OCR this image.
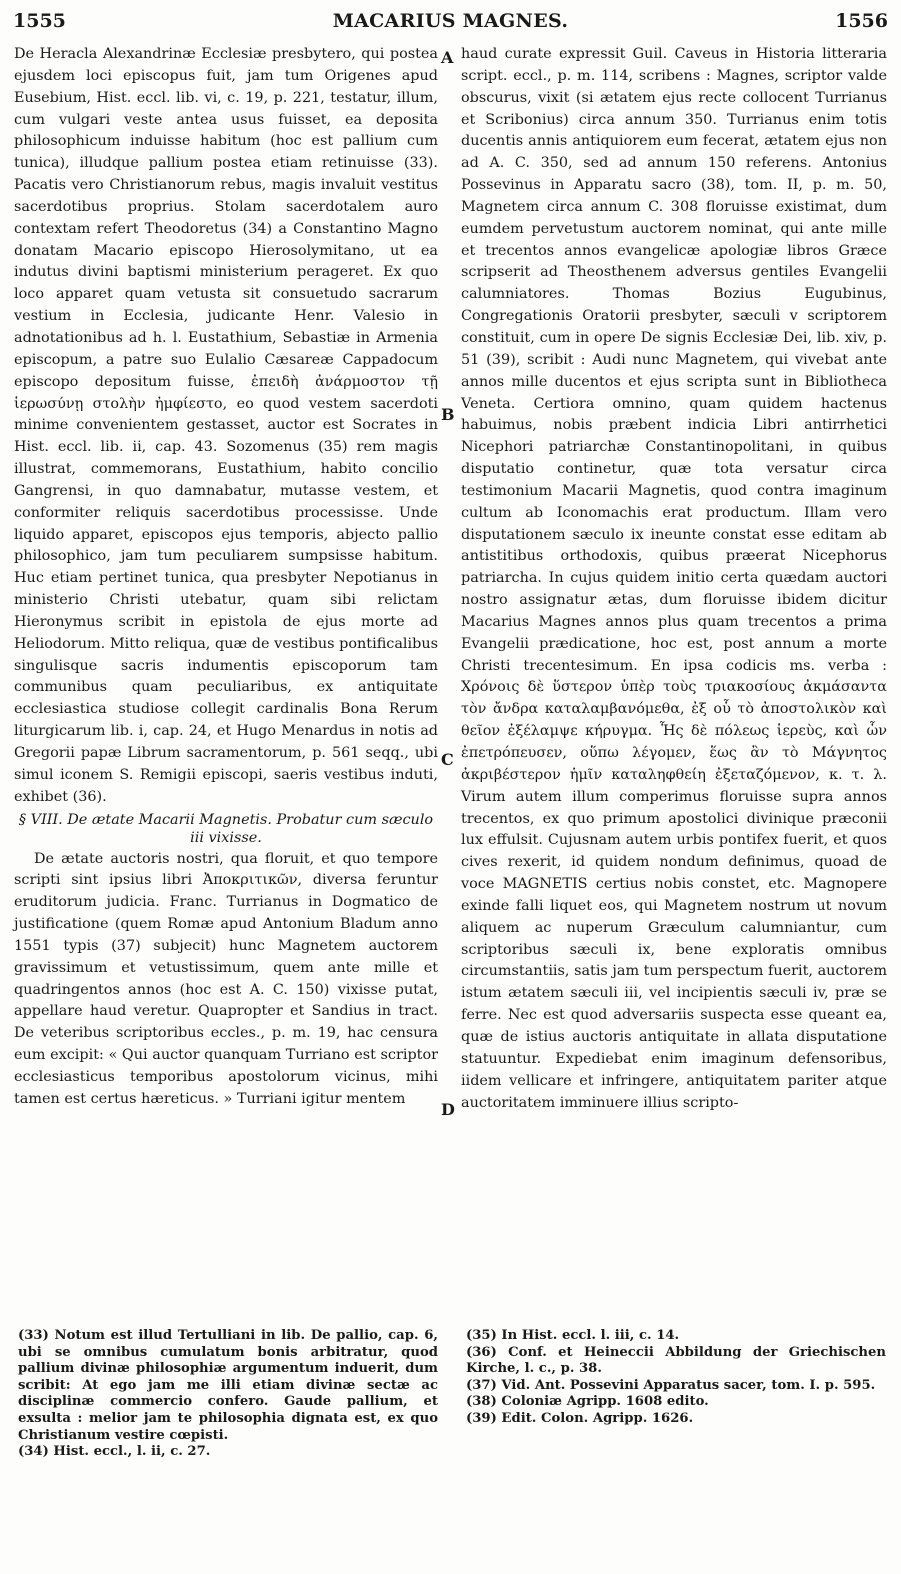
1555	MACARIUS MAGNES.	1556

De Heracla Alexandrinæ Ecclesiæ presbytero, qui postea ejusdem loci episcopus fuit, jam tum Origenes apud Eusebium, Hist. eccl. lib. vi, c. 19, p. 221, testatur, illum, cum vulgari veste antea usus fuisset, ea deposita philosophicum induisse habitum (hoc est pallium cum tunica), illudque pallium postea etiam retinuisse (33). Pacatis vero Christianorum rebus, magis invaluit vestitus sacerdotibus proprius. Stolam sacerdotalem auro contextam refert Theodoretus (34) a Constantino Magno donatam Macario episcopo Hierosolymitano, ut ea indutus divini baptismi ministerium perageret. Ex quo loco apparet quam vetusta sit consuetudo sacrarum vestium in Ecclesia, judicante Henr. Valesio in adnotationibus ad h. l. Eustathium, Sebastiæ in Armenia episcopum, a patre suo Eulalio Cæsareæ Cappadocum episcopo depositum fuisse, ἐπειδὴ ἀνάρμοστον τῇ ἱερωσύνῃ στολὴν ἠμφίεστο, eo quod vestem sacerdoti minime convenientem gestasset, auctor est Socrates in Hist. eccl. lib. ii, cap. 43. Sozomenus (35) rem magis illustrat, commemorans, Eustathium, habito concilio Gangrensi, in quo damnabatur, mutasse vestem, et conformiter reliquis sacerdotibus processisse. Unde liquido apparet, episcopos ejus temporis, abjecto pallio philosophico, jam tum peculiarem sumpsisse habitum. Huc etiam pertinet tunica, qua presbyter Nepotianus in ministerio Christi utebatur, quam sibi relictam Hieronymus scribit in epistola de ejus morte ad Heliodorum. Mitto reliqua, quæ de vestibus pontificalibus singulisque sacris indumentis episcoporum tam communibus quam peculiaribus, ex antiquitate ecclesiastica studiose collegit cardinalis Bona Rerum liturgicarum lib. i, cap. 24, et Hugo Menardus in notis ad Gregorii papæ Librum sacramentorum, p. 561 seqq., ubi simul iconem S. Remigii episcopi, saeris vestibus induti, exhibet (36).

§ VIII. De ætate Macarii Magnetis. Probatur cum sæculo iii vixisse.

De ætate auctoris nostri, qua floruit, et quo tempore scripti sint ipsius libri Ἀποκριτικῶν, diversa feruntur eruditorum judicia. Franc. Turrianus in Dogmatico de justificatione (quem Romæ apud Antonium Bladum anno 1551 typis (37) subjecit) hunc Magnetem auctorem gravissimum et vetustissimum, quem ante mille et quadringentos annos (hoc est A. C. 150) vixisse putat, appellare haud veretur. Quapropter et Sandius in tract. De veteribus scriptoribus eccles., p. m. 19, hac censura eum excipit: « Qui auctor quanquam Turriano est scriptor ecclesiasticus temporibus apostolorum vicinus, mihi tamen est certus hæreticus. » Turriani igitur mentem

A
B
C
D

haud curate expressit Guil. Caveus in Historia litteraria script. eccl., p. m. 114, scribens : Magnes, scriptor valde obscurus, vixit (si ætatem ejus recte collocent Turrianus et Scribonius) circa annum 350. Turrianus enim totis ducentis annis antiquiorem eum fecerat, ætatem ejus non ad A. C. 350, sed ad annum 150 referens. Antonius Possevinus in Apparatu sacro (38), tom. II, p. m. 50, Magnetem circa annum C. 308 floruisse existimat, dum eumdem pervetustum auctorem nominat, qui ante mille et trecentos annos evangelicæ apologiæ libros Græce scripserit ad Theosthenem adversus gentiles Evangelii calumniatores. Thomas Bozius Eugubinus, Congregationis Oratorii presbyter, sæculi v scriptorem constituit, cum in opere De signis Ecclesiæ Dei, lib. xiv, p. 51 (39), scribit : Audi nunc Magnetem, qui vivebat ante annos mille ducentos et ejus scripta sunt in Bibliotheca Veneta. Certiora omnino, quam quidem hactenus habuimus, nobis præbent indicia Libri antirrhetici Nicephori patriarchæ Constantinopolitani, in quibus disputatio continetur, quæ tota versatur circa testimonium Macarii Magnetis, quod contra imaginum cultum ab Iconomachis erat productum. Illam vero disputationem sæculo ix ineunte constat esse editam ab antistitibus orthodoxis, quibus præerat Nicephorus patriarcha. In cujus quidem initio certa quædam auctori nostro assignatur ætas, dum floruisse ibidem dicitur Macarius Magnes annos plus quam trecentos a prima Evangelii prædicatione, hoc est, post annum a morte Christi trecentesimum. En ipsa codicis ms. verba : Χρόνοις δὲ ὕστερον ὑπὲρ τοὺς τριακοσίους ἀκμάσαντα τὸν ἄνδρα καταλαμβανόμεθα, ἐξ οὗ τὸ ἀποστολικὸν καὶ θεῖον ἐξέλαμψε κήρυγμα. Ἧς δὲ πόλεως ἱερεὺς, καὶ ὧν ἐπετρόπευσεν, οὕπω λέγομεν, ἕως ἂν τὸ Μάγνητος ἀκριβέστερον ἡμῖν καταληφθείη ἐξεταζόμενον, κ. τ. λ. Virum autem illum comperimus floruisse supra annos trecentos, ex quo primum apostolici divinique præconii lux effulsit. Cujusnam autem urbis pontifex fuerit, et quos cives rexerit, id quidem nondum definimus, quoad de voce MAGNETIS certius nobis constet, etc. Magnopere exinde falli liquet eos, qui Magnetem nostrum ut novum aliquem ac nuperum Græculum calumniantur, cum scriptoribus sæculi ix, bene exploratis omnibus circumstantiis, satis jam tum perspectum fuerit, auctorem istum ætatem sæculi iii, vel incipientis sæculi iv, præ se ferre. Nec est quod adversariis suspecta esse queant ea, quæ de istius auctoris antiquitate in allata disputatione statuuntur. Expediebat enim imaginum defensoribus, iidem vellicare et infringere, antiquitatem pariter atque auctoritatem imminuere illius scripto-

(33) Notum est illud Tertulliani in lib. De pallio, cap. 6, ubi se omnibus cumulatum bonis arbitratur, quod pallium divinæ philosophiæ argumentum induerit, dum scribit: At ego jam me illi etiam divinæ sectæ ac disciplinæ commercio confero. Gaude pallium, et exsulta : melior jam te philosophia dignata est, ex quo Christianum vestire cœpisti.

(34) Hist. eccl., l. ii, c. 27.

(35) In Hist. eccl. l. iii, c. 14.

(36) Conf. et Heineccii Abbildung der Griechischen Kirche, l. c., p. 38.

(37) Vid. Ant. Possevini Apparatus sacer, tom. I. p. 595.

(38) Coloniæ Agripp. 1608 edito.

(39) Edit. Colon. Agripp. 1626.
